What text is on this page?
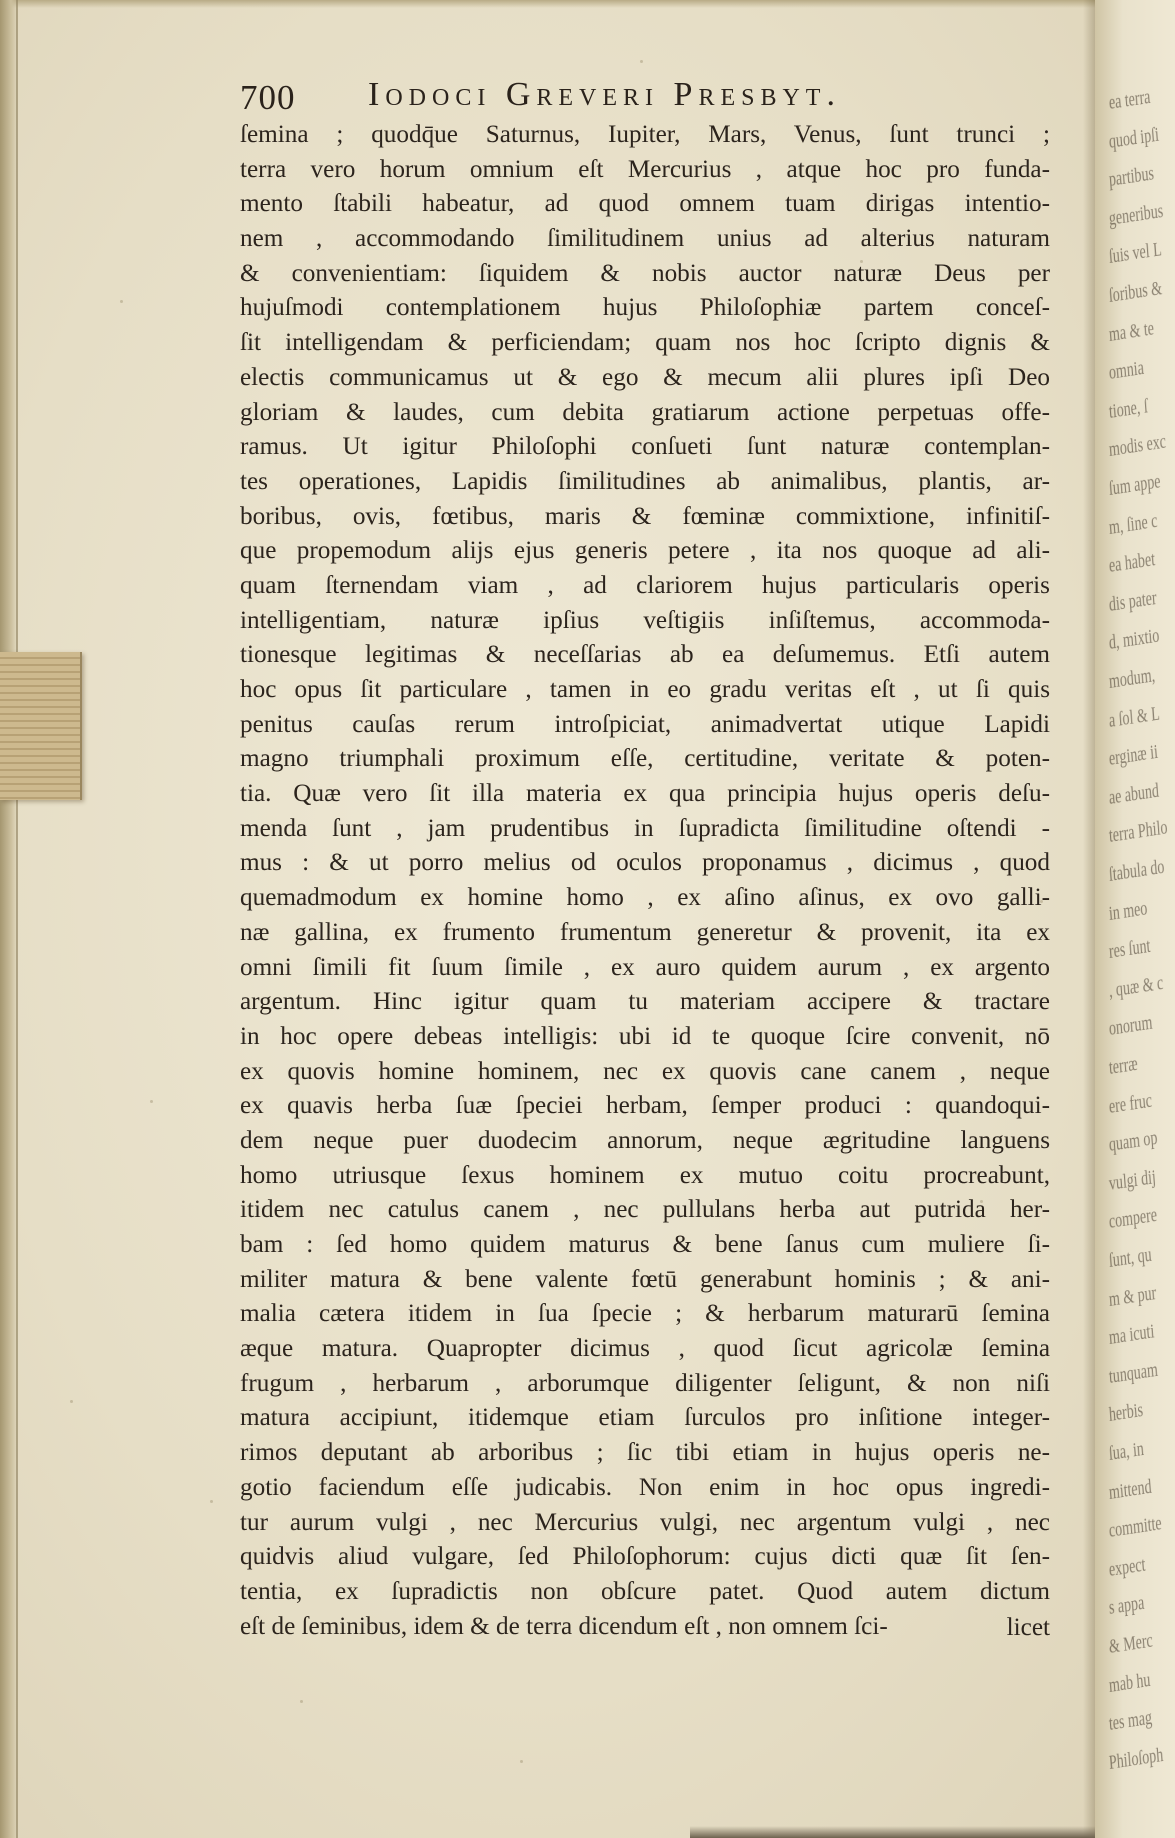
700 Iodoci Greveri Presbyt.
ſemina ; quodq̄ue Saturnus, Iupiter, Mars, Venus, ſunt trunci ;
terra vero horum omnium eſt Mercurius , atque hoc pro funda-
mento ſtabili habeatur, ad quod omnem tuam dirigas intentio-
nem , accommodando ſimilitudinem unius ad alterius naturam
& convenientiam: ſiquidem & nobis auctor naturæ Deus per
hujuſmodi contemplationem hujus Philoſophiæ partem conceſ-
ſit intelligendam & perficiendam; quam nos hoc ſcripto dignis &
electis communicamus ut & ego & mecum alii plures ipſi Deo
gloriam & laudes, cum debita gratiarum actione perpetuas offe-
ramus. Ut igitur Philoſophi conſueti ſunt naturæ contemplan-
tes operationes, Lapidis ſimilitudines ab animalibus, plantis, ar-
boribus, ovis, fœtibus, maris & fœminæ commixtione, infinitiſ-
que propemodum alijs ejus generis petere , ita nos quoque ad ali-
quam ſternendam viam , ad clariorem hujus particularis operis
intelligentiam, naturæ ipſius veſtigiis inſiſtemus, accommoda-
tionesque legitimas & neceſſarias ab ea deſumemus. Etſi autem
hoc opus ſit particulare , tamen in eo gradu veritas eſt , ut ſi quis
penitus cauſas rerum introſpiciat, animadvertat utique Lapidi
magno triumphali proximum eſſe, certitudine, veritate & poten-
tia. Quæ vero ſit illa materia ex qua principia hujus operis deſu-
menda ſunt , jam prudentibus in ſupradicta ſimilitudine oſtendi -
mus : & ut porro melius od oculos proponamus , dicimus , quod
quemadmodum ex homine homo , ex aſino aſinus, ex ovo galli-
næ gallina, ex frumento frumentum generetur & provenit, ita ex
omni ſimili fit ſuum ſimile , ex auro quidem aurum , ex argento
argentum. Hinc igitur quam tu materiam accipere & tractare
in hoc opere debeas intelligis: ubi id te quoque ſcire convenit, nō
ex quovis homine hominem, nec ex quovis cane canem , neque
ex quavis herba ſuæ ſpeciei herbam, ſemper produci : quandoqui-
dem neque puer duodecim annorum, neque ægritudine languens
homo utriusque ſexus hominem ex mutuo coitu procreabunt,
itidem nec catulus canem , nec pullulans herba aut putrida her-
bam : ſed homo quidem maturus & bene ſanus cum muliere ſi-
militer matura & bene valente fœtū generabunt hominis ; & ani-
malia cætera itidem in ſua ſpecie ; & herbarum maturarū ſemina
æque matura. Quapropter dicimus , quod ſicut agricolæ ſemina
frugum , herbarum , arborumque diligenter ſeligunt, & non niſi
matura accipiunt, itidemque etiam ſurculos pro inſitione integer-
rimos deputant ab arboribus ; ſic tibi etiam in hujus operis ne-
gotio faciendum eſſe judicabis. Non enim in hoc opus ingredi-
tur aurum vulgi , nec Mercurius vulgi, nec argentum vulgi , nec
quidvis aliud vulgare, ſed Philoſophorum: cujus dicti quæ ſit ſen-
tentia, ex ſupradictis non obſcure patet. Quod autem dictum
eſt de ſeminibus, idem & de terra dicendum eſt , non omnem ſci-	licet
ea terra
quod ipſi
partibus
generibus
ſuis vel L
ſoribus &
ma & te
omnia
tione, ſ
modis exc
ſum appe
m, ſine c
ea habet
dis pater
d, mixtio
modum,
a ſol & L
erginæ ii
ae abund
terra Philo
ſtabula do
in meo
res ſunt
, quæ & c
onorum
terræ
ere fruc
quam op
vulgi dij
compere
ſunt, qu
m & pur
ma icuti
tunquam
herbis
ſua, in
mittend
committe
expect
s appa
& Merc
mab hu
tes mag
Philoſoph
